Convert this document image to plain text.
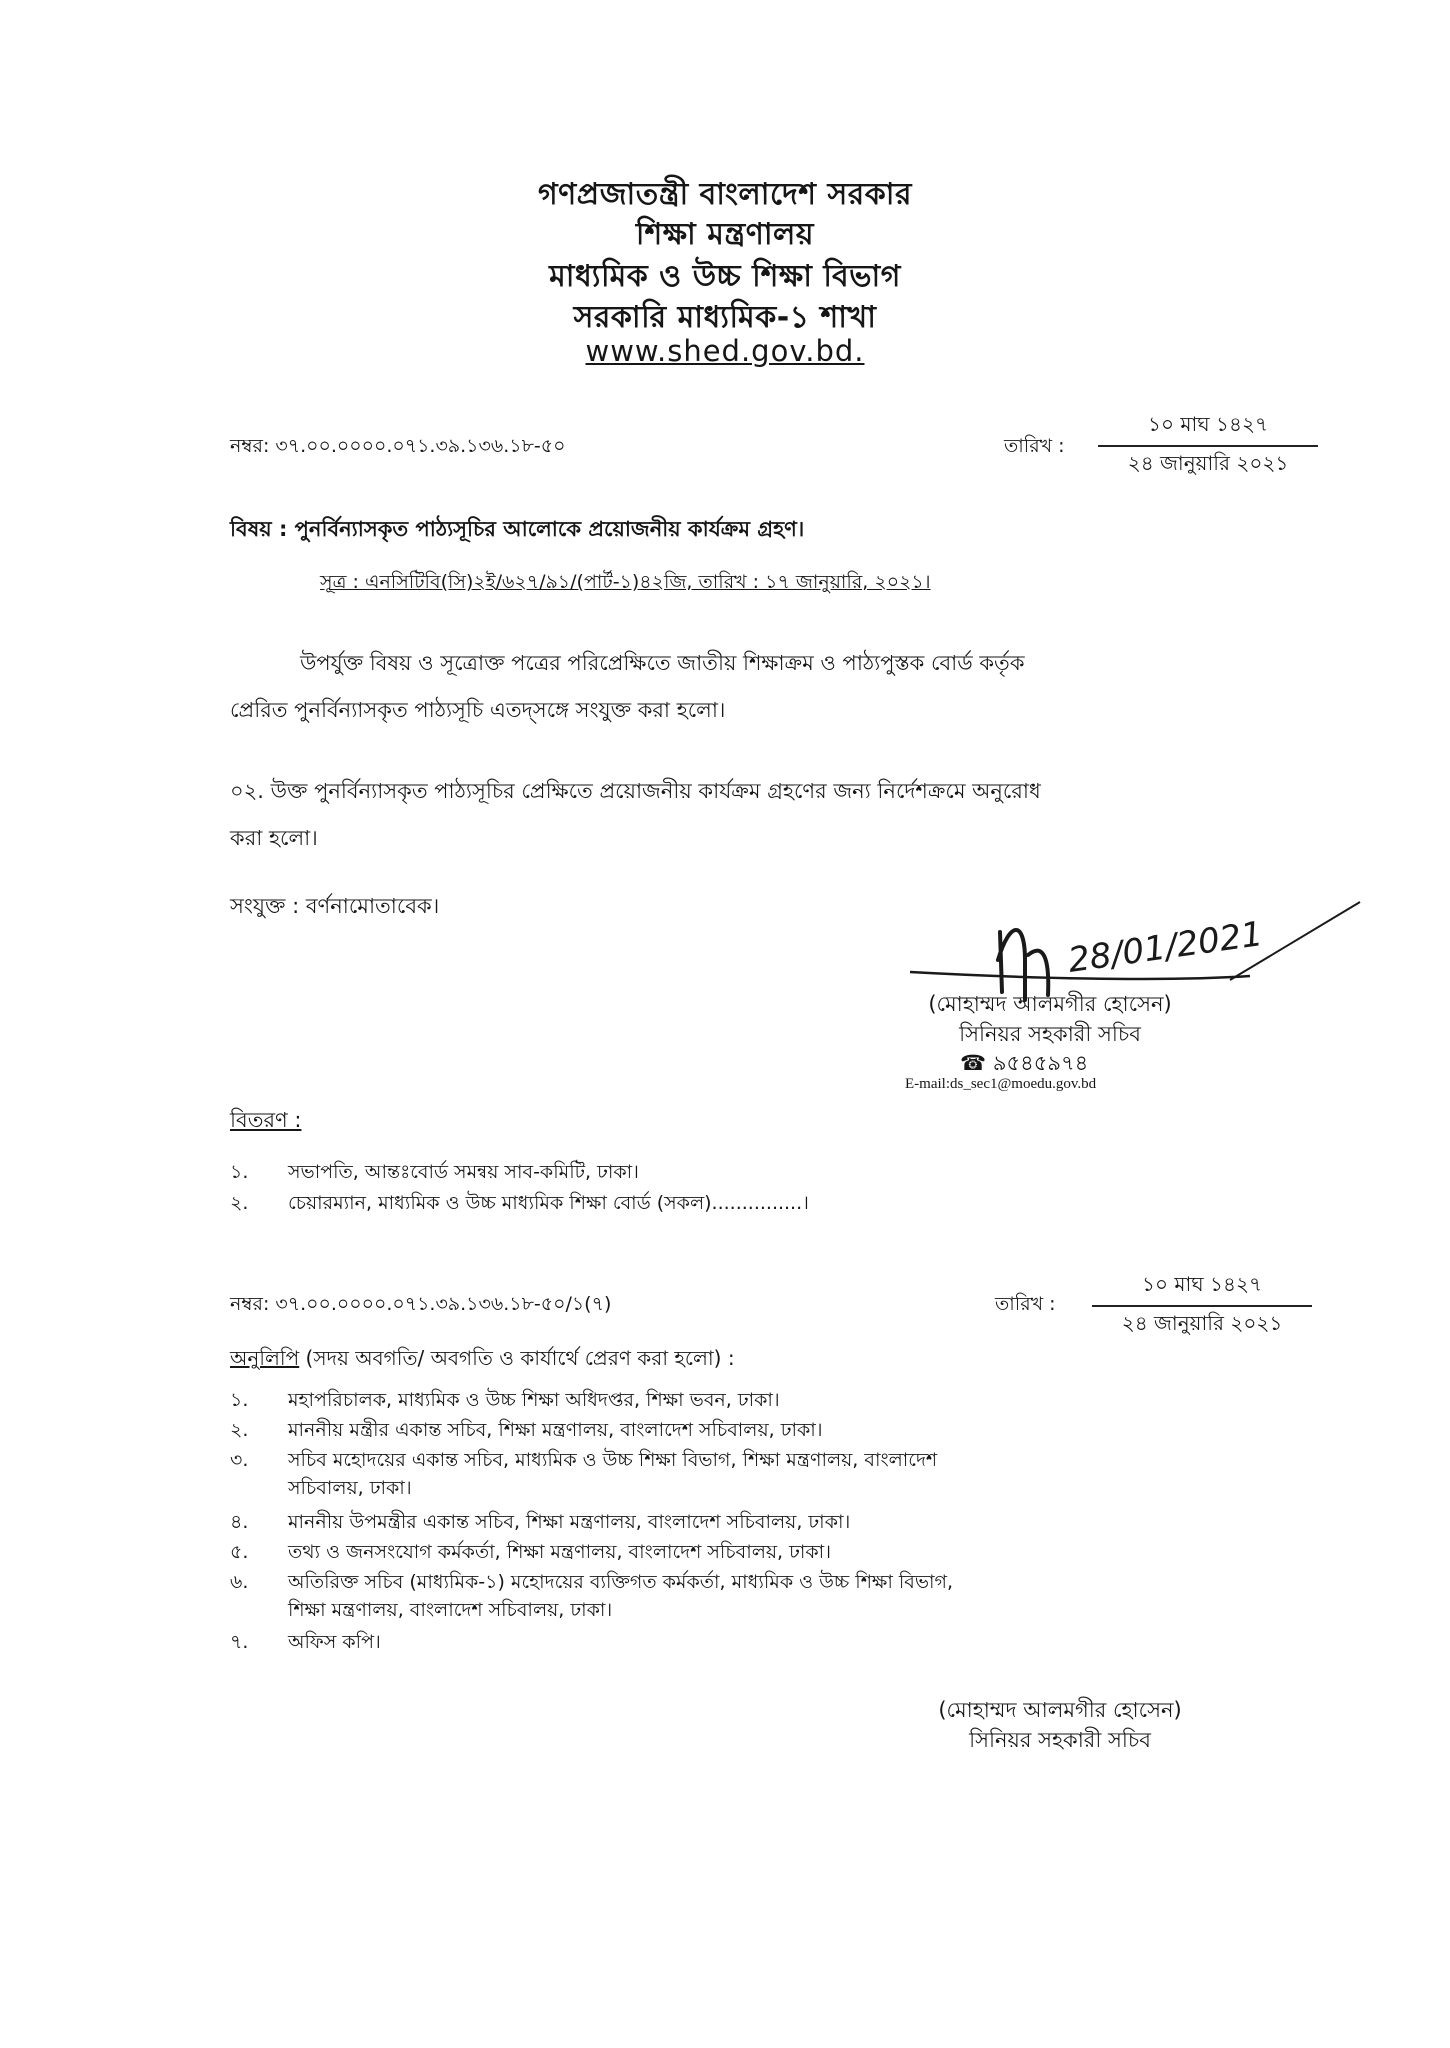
গণপ্রজাতন্ত্রী বাংলাদেশ সরকার
শিক্ষা মন্ত্রণালয়
মাধ্যমিক ও উচ্চ শিক্ষা বিভাগ
সরকারি মাধ্যমিক-১ শাখা
www.shed.gov.bd.
নম্বর: ৩৭.০০.০০০০.০৭১.৩৯.১৩৬.১৮-৫০	তারিখ :
১০ মাঘ ১৪২৭
২৪ জানুয়ারি ২০২১
বিষয় : পুনর্বিন্যাসকৃত পাঠ্যসূচির আলোকে প্রয়োজনীয় কার্যক্রম গ্রহণ।
সূত্র : এনসিটিবি(সি)২ই/৬২৭/৯১/(পার্ট-১)৪২জি, তারিখ : ১৭ জানুয়ারি, ২০২১।
উপর্যুক্ত বিষয় ও সূত্রোক্ত পত্রের পরিপ্রেক্ষিতে জাতীয় শিক্ষাক্রম ও পাঠ্যপুস্তক বোর্ড কর্তৃক
প্রেরিত পুনর্বিন্যাসকৃত পাঠ্যসূচি এতদ্‌সঙ্গে সংযুক্ত করা হলো।
০২. উক্ত পুনর্বিন্যাসকৃত পাঠ্যসূচির প্রেক্ষিতে প্রয়োজনীয় কার্যক্রম গ্রহণের জন্য নির্দেশক্রমে অনুরোধ
করা হলো।
সংযুক্ত : বর্ণনামোতাবেক।
28/01/2021
(মোহাম্মদ আলমগীর হোসেন)
সিনিয়র সহকারী সচিব
☎ ৯৫৪৫৯৭৪
E-mail:ds_sec1@moedu.gov.bd
বিতরণ :
১.	সভাপতি, আন্তঃবোর্ড সমন্বয় সাব-কমিটি, ঢাকা।
২.	চেয়ারম্যান, মাধ্যমিক ও উচ্চ মাধ্যমিক শিক্ষা বোর্ড (সকল)...............।
নম্বর: ৩৭.০০.০০০০.০৭১.৩৯.১৩৬.১৮-৫০/১(৭)	তারিখ :
১০ মাঘ ১৪২৭
২৪ জানুয়ারি ২০২১
অনুলিপি (সদয় অবগতি/ অবগতি ও কার্যার্থে প্রেরণ করা হলো) :
১.	মহাপরিচালক, মাধ্যমিক ও উচ্চ শিক্ষা অধিদপ্তর, শিক্ষা ভবন, ঢাকা।
২.	মাননীয় মন্ত্রীর একান্ত সচিব, শিক্ষা মন্ত্রণালয়, বাংলাদেশ সচিবালয়, ঢাকা।
৩.	সচিব মহোদয়ের একান্ত সচিব, মাধ্যমিক ও উচ্চ শিক্ষা বিভাগ, শিক্ষা মন্ত্রণালয়, বাংলাদেশ
সচিবালয়, ঢাকা।
৪.	মাননীয় উপমন্ত্রীর একান্ত সচিব, শিক্ষা মন্ত্রণালয়, বাংলাদেশ সচিবালয়, ঢাকা।
৫.	তথ্য ও জনসংযোগ কর্মকর্তা, শিক্ষা মন্ত্রণালয়, বাংলাদেশ সচিবালয়, ঢাকা।
৬.	অতিরিক্ত সচিব (মাধ্যমিক-১) মহোদয়ের ব্যক্তিগত কর্মকর্তা, মাধ্যমিক ও উচ্চ শিক্ষা বিভাগ,
শিক্ষা মন্ত্রণালয়, বাংলাদেশ সচিবালয়, ঢাকা।
৭.	অফিস কপি।
(মোহাম্মদ আলমগীর হোসেন)
সিনিয়র সহকারী সচিব
